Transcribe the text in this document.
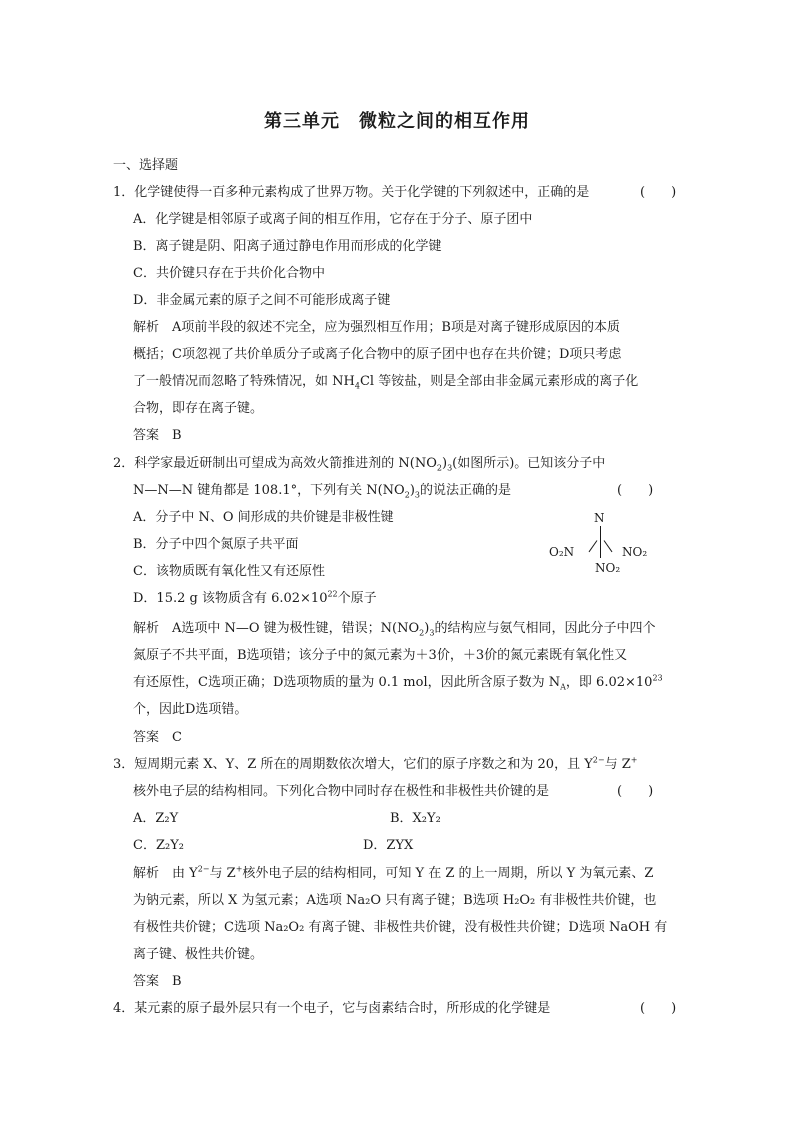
第三单元　微粒之间的相互作用
一、选择题
1．化学键使得一百多种元素构成了世界万物。关于化学键的下列叙述中，正确的是	(　　)
A．化学键是相邻原子或离子间的相互作用，它存在于分子、原子团中
B．离子键是阴、阳离子通过静电作用而形成的化学键
C．共价键只存在于共价化合物中
D．非金属元素的原子之间不可能形成离子键
解析　A项前半段的叙述不完全，应为强烈相互作用；B项是对离子键形成原因的本质
概括；C项忽视了共价单质分子或离子化合物中的原子团中也存在共价键；D项只考虑
了一般情况而忽略了特殊情况，如 $NH_4Cl$ 等铵盐，则是全部由非金属元素形成的离子化
合物，即存在离子键。
答案　B
2．科学家最近研制出可望成为高效火箭推进剂的 $N(NO_2)_3$(如图所示)。已知该分子中
N—N—N 键角都是 108.1°，下列有关 $N(NO_2)_3$的说法正确的是	(　　)
A．分子中 N、O 间形成的共价键是非极性键
B．分子中四个氮原子共平面
C．该物质既有氧化性又有还原性
D．15.2 g 该物质含有 $6.02\times 10^{22}$个原子
N
O₂N	NO₂
NO₂
解析　A选项中 N—O 键为极性键，错误；$N(NO_2)_3$的结构应与氨气相同，因此分子中四个
氮原子不共平面，B选项错；该分子中的氮元素为＋3价，＋3价的氮元素既有氧化性又
有还原性，C选项正确；D选项物质的量为 0.1 mol，因此所含原子数为 $N_A$，即 $6.02\times 10^{23}$
个，因此D选项错。
答案　C
3．短周期元素 X、Y、Z 所在的周期数依次增大，它们的原子序数之和为 20，且 $Y^{2-}$与 Z+
核外电子层的结构相同。下列化合物中同时存在极性和非极性共价键的是	(　　)
A．Z₂Y	B．X₂Y₂
C．Z₂Y₂	D．ZYX
解析　由 $Y^{2-}$与 Z+核外电子层的结构相同，可知 Y 在 Z 的上一周期，所以 Y 为氧元素、Z
为钠元素，所以 X 为氢元素；A选项 Na₂O 只有离子键；B选项 H₂O₂ 有非极性共价键，也
有极性共价键；C选项 Na₂O₂ 有离子键、非极性共价键，没有极性共价键；D选项 NaOH 有
离子键、极性共价键。
答案　B
4．某元素的原子最外层只有一个电子，它与卤素结合时，所形成的化学键是	(　　)
